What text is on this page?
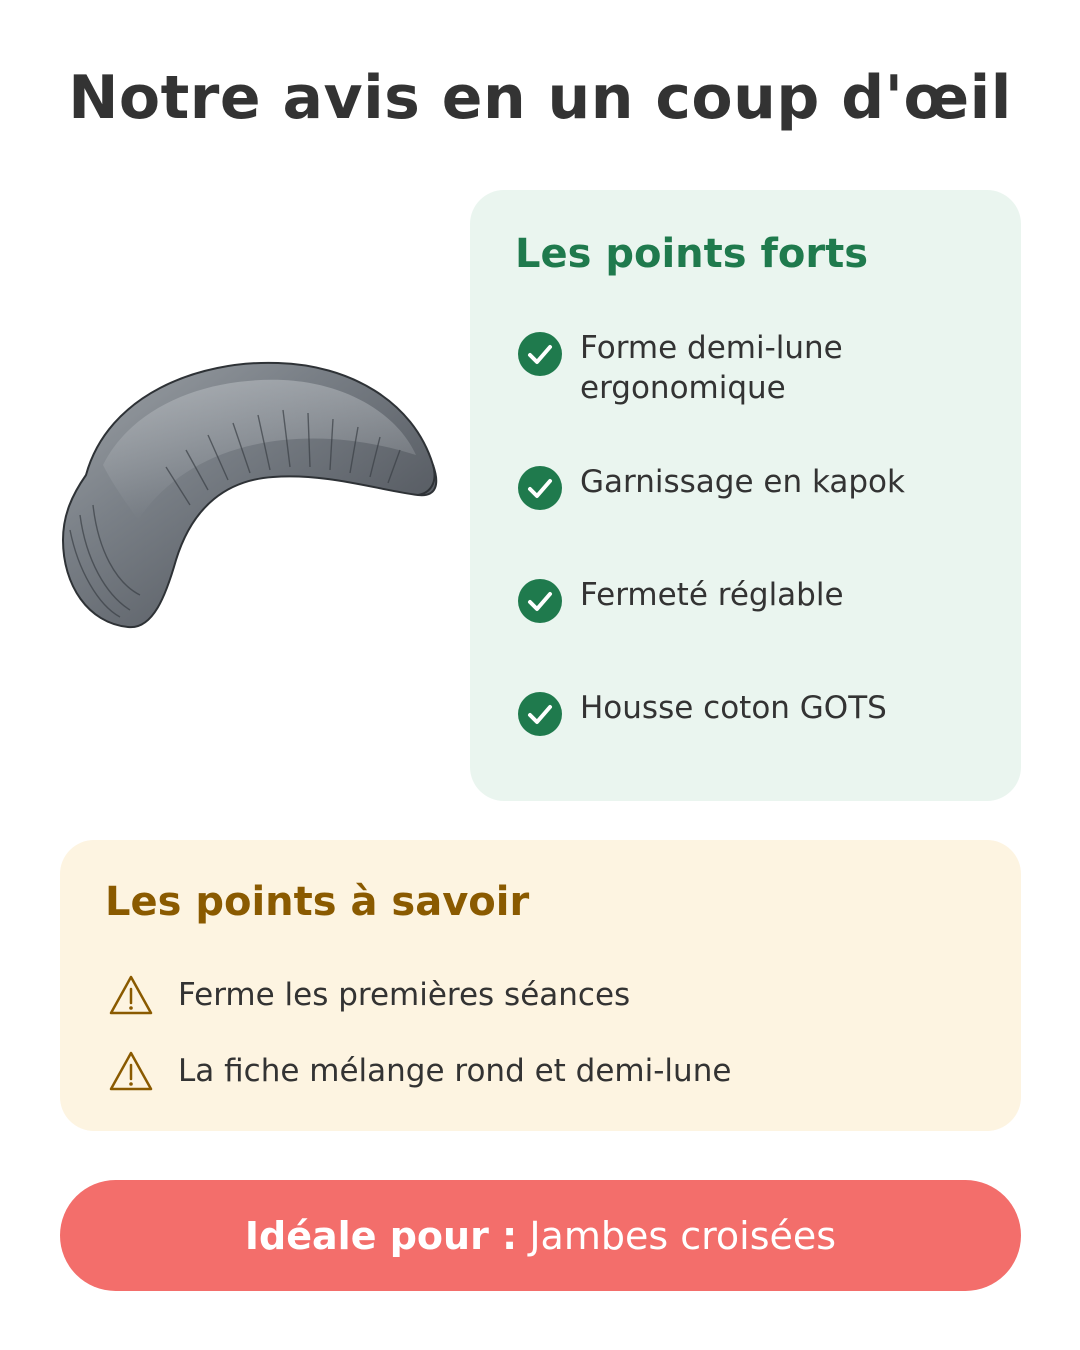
Notre avis en un coup d'œil
Les points forts
Forme demi-lune
ergonomique
Garnissage en kapok
Fermeté réglable
Housse coton GOTS
Les points à savoir
Ferme les premières séances
La fiche mélange rond et demi-lune
Idéale pour :
Jambes croisées
